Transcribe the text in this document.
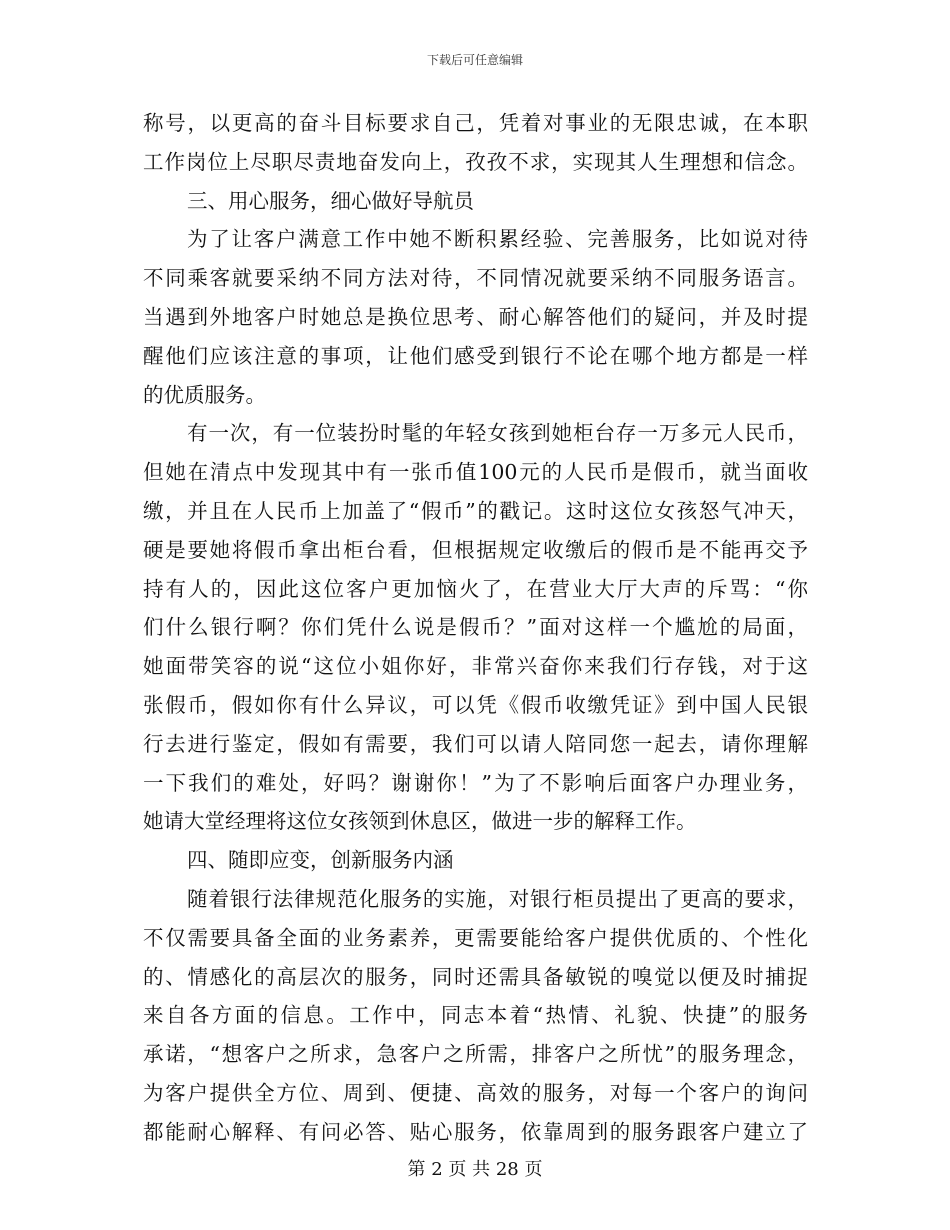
下载后可任意编辑
称号，以更高的奋斗目标要求自己，凭着对事业的无限忠诚，在本职
工作岗位上尽职尽责地奋发向上，孜孜不求，实现其人生理想和信念。
三、用心服务，细心做好导航员
为了让客户满意工作中她不断积累经验、完善服务，比如说对待
不同乘客就要采纳不同方法对待，不同情况就要采纳不同服务语言。
当遇到外地客户时她总是换位思考、耐心解答他们的疑问，并及时提
醒他们应该注意的事项，让他们感受到银行不论在哪个地方都是一样
的优质服务。
有一次，有一位装扮时髦的年轻女孩到她柜台存一万多元人民币，
但她在清点中发现其中有一张币值100元的人民币是假币，就当面收
缴，并且在人民币上加盖了“假币”的戳记。这时这位女孩怒气冲天，
硬是要她将假币拿出柜台看，但根据规定收缴后的假币是不能再交予
持有人的，因此这位客户更加恼火了，在营业大厅大声的斥骂：“你
们什么银行啊？你们凭什么说是假币？”面对这样一个尴尬的局面，
她面带笑容的说“这位小姐你好，非常兴奋你来我们行存钱，对于这
张假币，假如你有什么异议，可以凭《假币收缴凭证》到中国人民银
行去进行鉴定，假如有需要，我们可以请人陪同您一起去，请你理解
一下我们的难处，好吗？谢谢你！”为了不影响后面客户办理业务，
她请大堂经理将这位女孩领到休息区，做进一步的解释工作。
四、随即应变，创新服务内涵
随着银行法律规范化服务的实施，对银行柜员提出了更高的要求，
不仅需要具备全面的业务素养，更需要能给客户提供优质的、个性化
的、情感化的高层次的服务，同时还需具备敏锐的嗅觉以便及时捕捉
来自各方面的信息。工作中，同志本着“热情、礼貌、快捷”的服务
承诺，“想客户之所求，急客户之所需，排客户之所忧”的服务理念，
为客户提供全方位、周到、便捷、高效的服务，对每一个客户的询问
都能耐心解释、有问必答、贴心服务，依靠周到的服务跟客户建立了
第 2 页 共 28 页
